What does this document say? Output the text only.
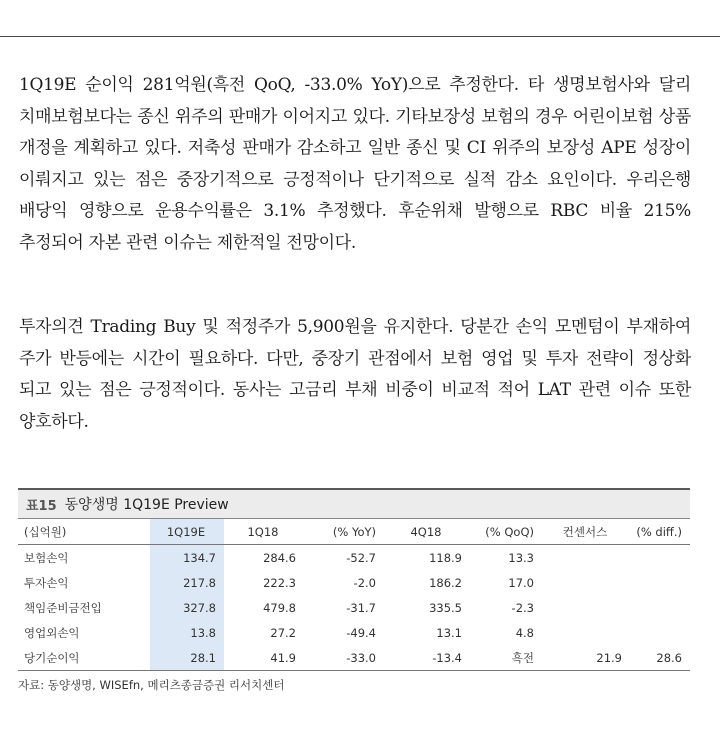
1Q19E 순이익 281억원(흑전 QoQ, -33.0% YoY)으로 추정한다. 타 생명보험사와 달리 치매보험보다는 종신 위주의 판매가 이어지고 있다. 기타보장성 보험의 경우 어린이보험 상품 개정을 계획하고 있다. 저축성 판매가 감소하고 일반 종신 및 CI 위주의 보장성 APE 성장이 이뤄지고 있는 점은 중장기적으로 긍정적이나 단기적으로 실적 감소 요인이다. 우리은행 배당익 영향으로 운용수익률은 3.1% 추정했다. 후순위채 발행으로 RBC 비율 215% 추정되어 자본 관련 이슈는 제한적일 전망이다.

투자의견 Trading Buy 및 적정주가 5,900원을 유지한다. 당분간 손익 모멘텀이 부재하여 주가 반등에는 시간이 필요하다. 다만, 중장기 관점에서 보험 영업 및 투자 전략이 정상화 되고 있는 점은 긍정적이다. 동사는 고금리 부채 비중이 비교적 적어 LAT 관련 이슈 또한 양호하다.

표15 동양생명 1Q19E Preview
(십억원)	1Q19E	1Q18	(% YoY)	4Q18	(% QoQ)	컨센서스	(% diff.)
보험손익	134.7	284.6	-52.7	118.9	13.3		
투자손익	217.8	222.3	-2.0	186.2	17.0		
책임준비금전입	327.8	479.8	-31.7	335.5	-2.3		
영업외손익	13.8	27.2	-49.4	13.1	4.8		
당기순이익	28.1	41.9	-33.0	-13.4	흑전	21.9	28.6
자료: 동양생명, WISEfn, 메리츠종금증권 리서치센터
